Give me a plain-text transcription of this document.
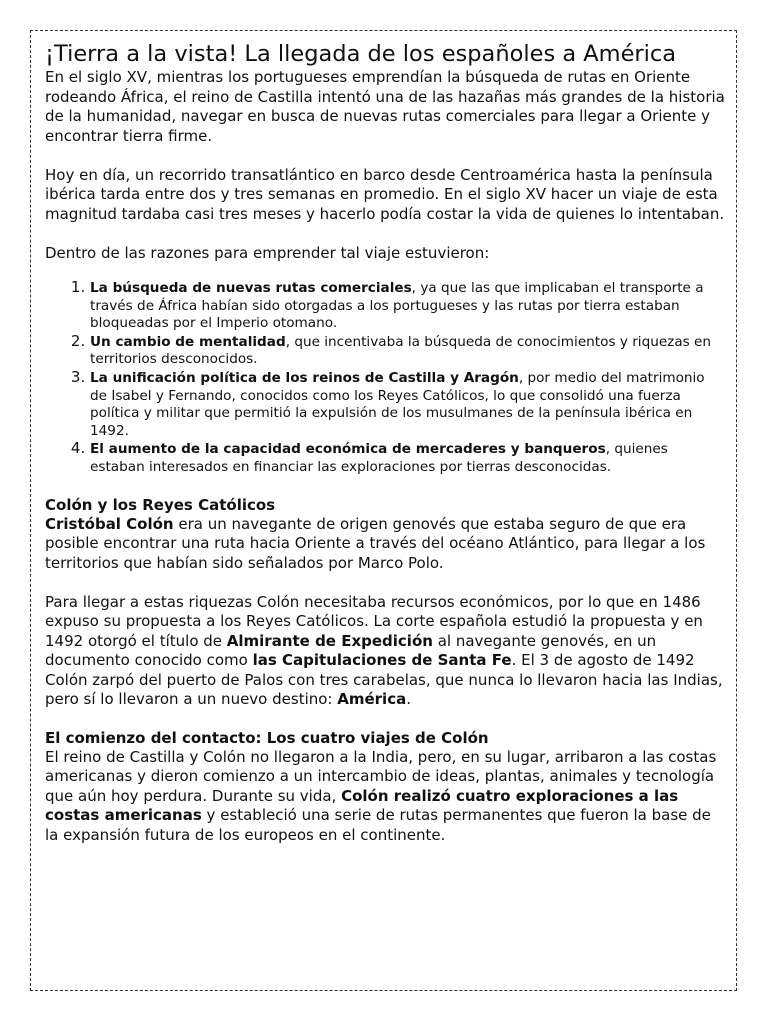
¡Tierra a la vista! La llegada de los españoles a América

En el siglo XV, mientras los portugueses emprendían la búsqueda de rutas en Oriente rodeando África, el reino de Castilla intentó una de las hazañas más grandes de la historia de la humanidad, navegar en busca de nuevas rutas comerciales para llegar a Oriente y encontrar tierra firme.

Hoy en día, un recorrido transatlántico en barco desde Centroamérica hasta la península ibérica tarda entre dos y tres semanas en promedio. En el siglo XV hacer un viaje de esta magnitud tardaba casi tres meses y hacerlo podía costar la vida de quienes lo intentaban.

Dentro de las razones para emprender tal viaje estuvieron:

1. La búsqueda de nuevas rutas comerciales, ya que las que implicaban el transporte a través de África habían sido otorgadas a los portugueses y las rutas por tierra estaban bloqueadas por el Imperio otomano.
2. Un cambio de mentalidad, que incentivaba la búsqueda de conocimientos y riquezas en territorios desconocidos.
3. La unificación política de los reinos de Castilla y Aragón, por medio del matrimonio de Isabel y Fernando, conocidos como los Reyes Católicos, lo que consolidó una fuerza política y militar que permitió la expulsión de los musulmanes de la península ibérica en 1492.
4. El aumento de la capacidad económica de mercaderes y banqueros, quienes estaban interesados en financiar las exploraciones por tierras desconocidas.
Colón y los Reyes Católicos

Cristóbal Colón era un navegante de origen genovés que estaba seguro de que era posible encontrar una ruta hacia Oriente a través del océano Atlántico, para llegar a los territorios que habían sido señalados por Marco Polo.

Para llegar a estas riquezas Colón necesitaba recursos económicos, por lo que en 1486 expuso su propuesta a los Reyes Católicos. La corte española estudió la propuesta y en 1492 otorgó el título de Almirante de Expedición al navegante genovés, en un documento conocido como las Capitulaciones de Santa Fe. El 3 de agosto de 1492 Colón zarpó del puerto de Palos con tres carabelas, que nunca lo llevaron hacia las Indias, pero sí lo llevaron a un nuevo destino: América.

El comienzo del contacto: Los cuatro viajes de Colón

El reino de Castilla y Colón no llegaron a la India, pero, en su lugar, arribaron a las costas americanas y dieron comienzo a un intercambio de ideas, plantas, animales y tecnología que aún hoy perdura. Durante su vida, Colón realizó cuatro exploraciones a las costas americanas y estableció una serie de rutas permanentes que fueron la base de la expansión futura de los europeos en el continente.
